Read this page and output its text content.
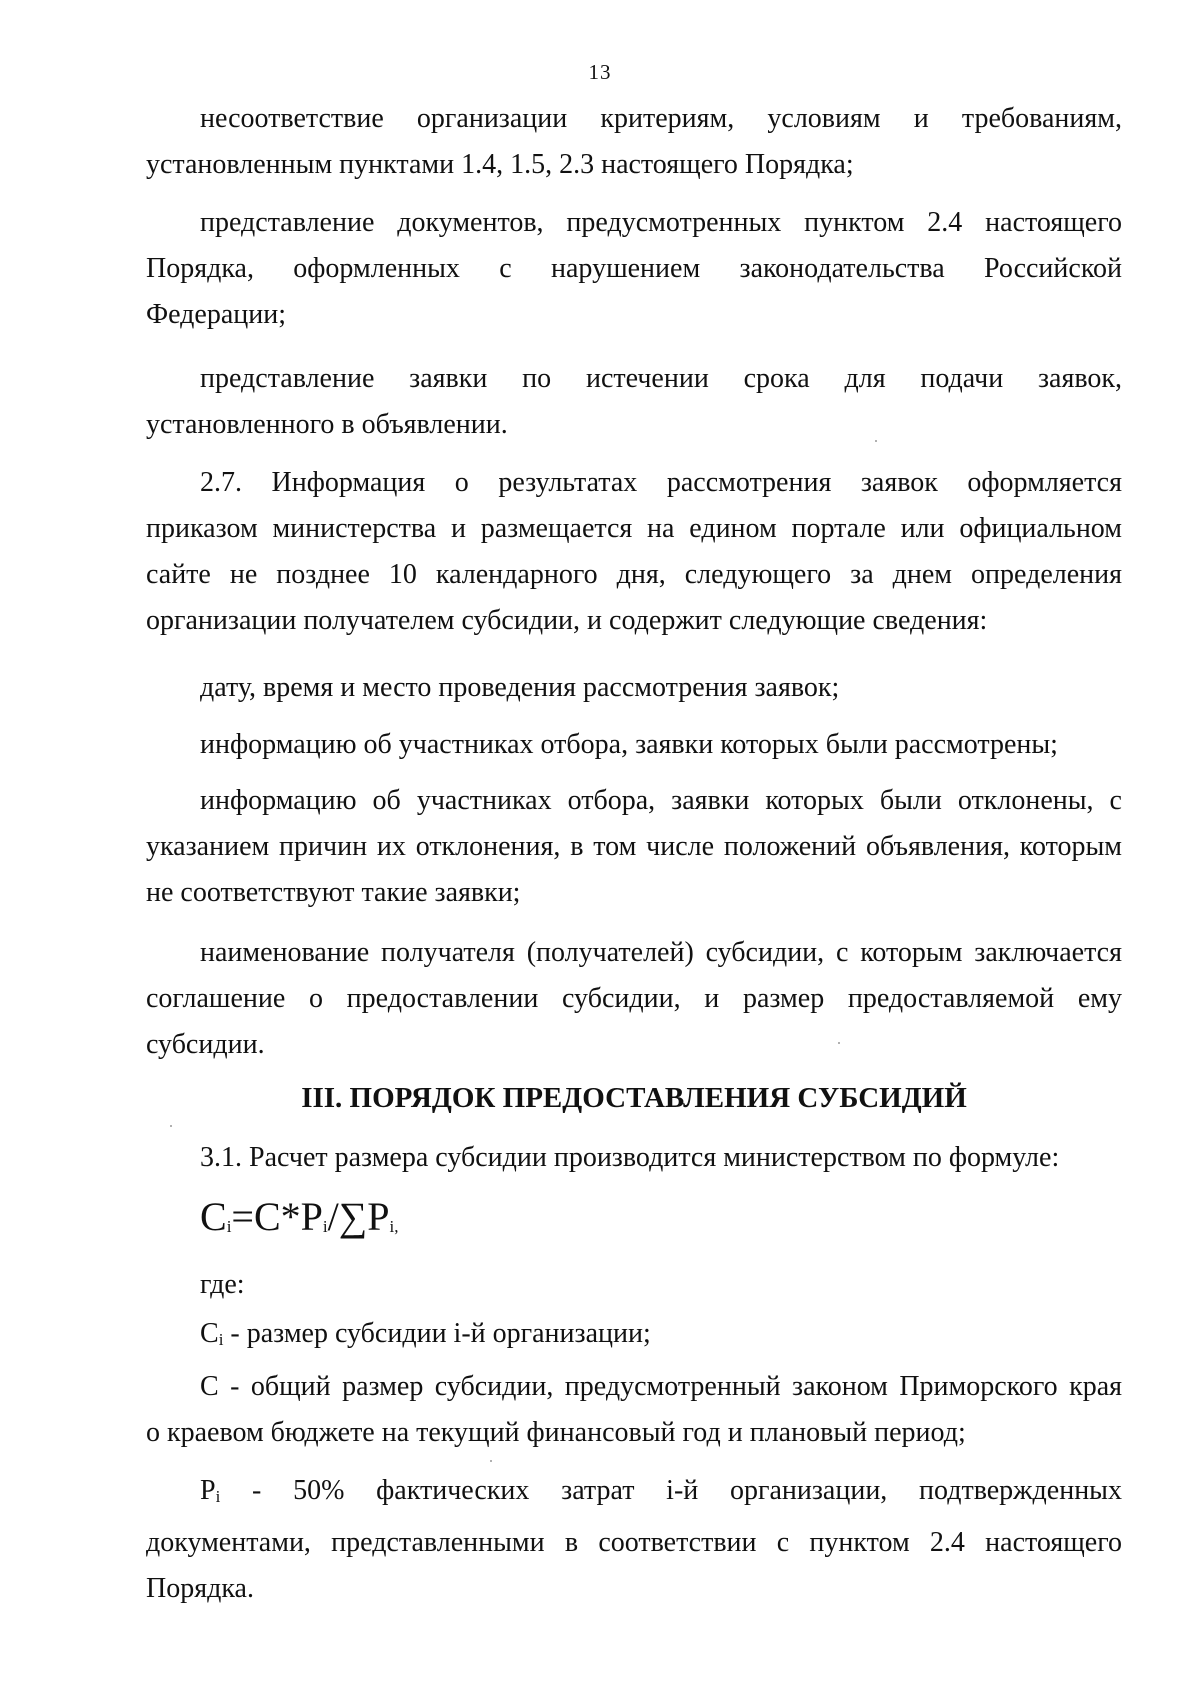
13
несоответствие организации критериям, условиям и требованиям,
установленным пунктами 1.4, 1.5, 2.3 настоящего Порядка;
представление документов, предусмотренных пунктом 2.4 настоящего
Порядка, оформленных с нарушением законодательства Российской
Федерации;
представление заявки по истечении срока для подачи заявок,
установленного в объявлении.
2.7. Информация о результатах рассмотрения заявок оформляется
приказом министерства и размещается на едином портале или официальном
сайте не позднее 10 календарного дня, следующего за днем определения
организации получателем субсидии, и содержит следующие сведения:
дату, время и место проведения рассмотрения заявок;
информацию об участниках отбора, заявки которых были рассмотрены;
информацию об участниках отбора, заявки которых были отклонены, с
указанием причин их отклонения, в том числе положений объявления, которым
не соответствуют такие заявки;
наименование получателя (получателей) субсидии, с которым заключается
соглашение о предоставлении субсидии, и размер предоставляемой ему
субсидии.
III. ПОРЯДОК ПРЕДОСТАВЛЕНИЯ СУБСИДИЙ
3.1. Расчет размера субсидии производится министерством по формуле:
$C_i=C*P_i/\sum P_{i,}$
где:
$C_i$ - размер субсидии i-й организации;
C - общий размер субсидии, предусмотренный законом Приморского края
о краевом бюджете на текущий финансовый год и плановый период;
$P_i - 50\%$ фактических затрат i-й организации, подтвержденных
документами, представленными в соответствии с пунктом 2.4 настоящего
Порядка.
